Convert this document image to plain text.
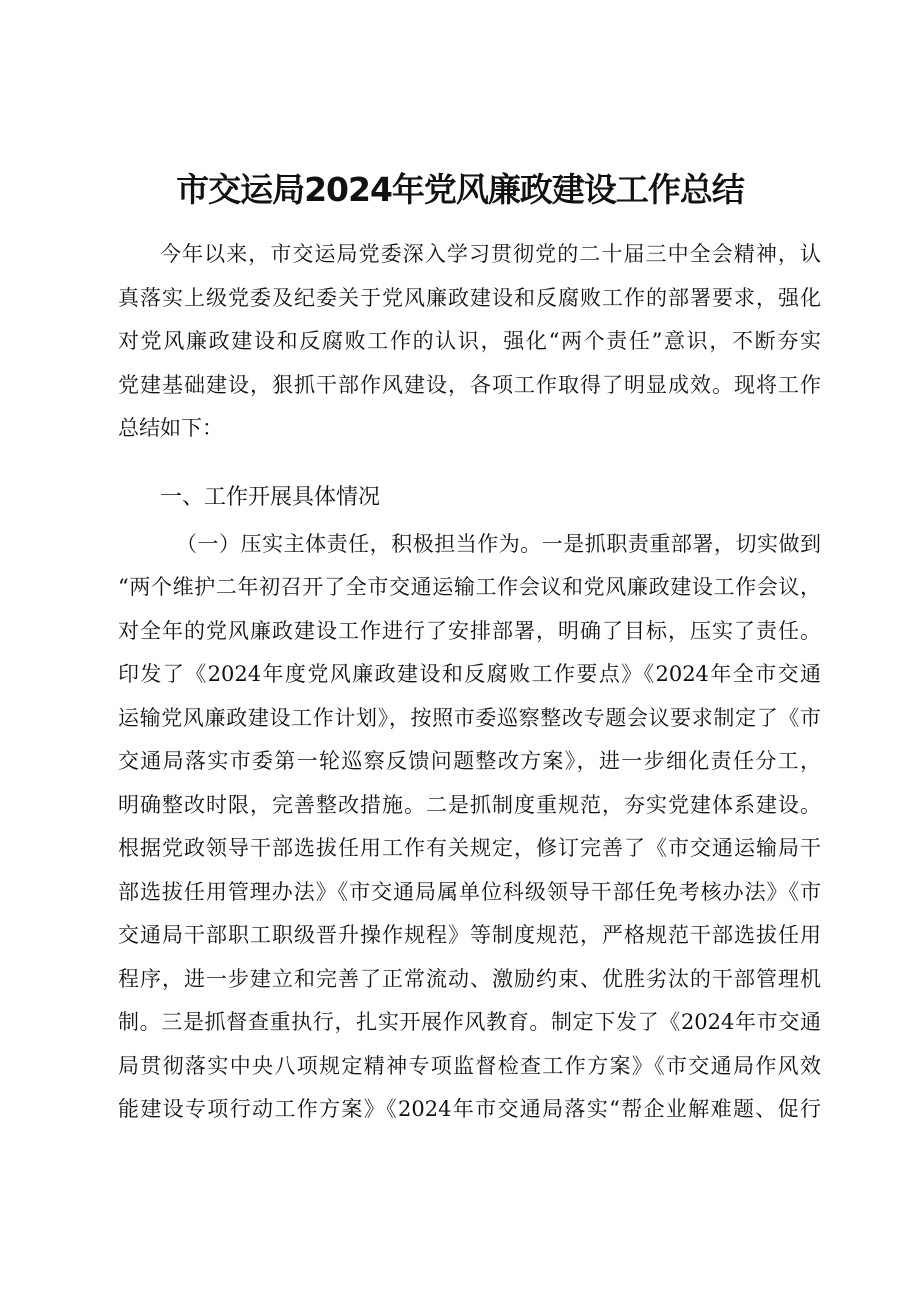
市交运局2024年党风廉政建设工作总结
今年以来，市交运局党委深入学习贯彻党的二十届三中全会精神，认
真落实上级党委及纪委关于党风廉政建设和反腐败工作的部署要求，强化
对党风廉政建设和反腐败工作的认识，强化“两个责任”意识，不断夯实
党建基础建设，狠抓干部作风建设，各项工作取得了明显成效。现将工作
总结如下：
一、工作开展具体情况
（一）压实主体责任，积极担当作为。一是抓职责重部署，切实做到
“两个维护二年初召开了全市交通运输工作会议和党风廉政建设工作会议，
对全年的党风廉政建设工作进行了安排部署，明确了目标，压实了责任。
印发了《2024年度党风廉政建设和反腐败工作要点》《2024年全市交通
运输党风廉政建设工作计划》，按照市委巡察整改专题会议要求制定了《市
交通局落实市委第一轮巡察反馈问题整改方案》，进一步细化责任分工，
明确整改时限，完善整改措施。二是抓制度重规范，夯实党建体系建设。
根据党政领导干部选拔任用工作有关规定，修订完善了《市交通运输局干
部选拔任用管理办法》《市交通局属单位科级领导干部任免考核办法》《市
交通局干部职工职级晋升操作规程》等制度规范，严格规范干部选拔任用
程序，进一步建立和完善了正常流动、激励约束、优胜劣汰的干部管理机
制。三是抓督查重执行，扎实开展作风教育。制定下发了《2024年市交通
局贯彻落实中央八项规定精神专项监督检查工作方案》《市交通局作风效
能建设专项行动工作方案》《2024年市交通局落实“帮企业解难题、促行
